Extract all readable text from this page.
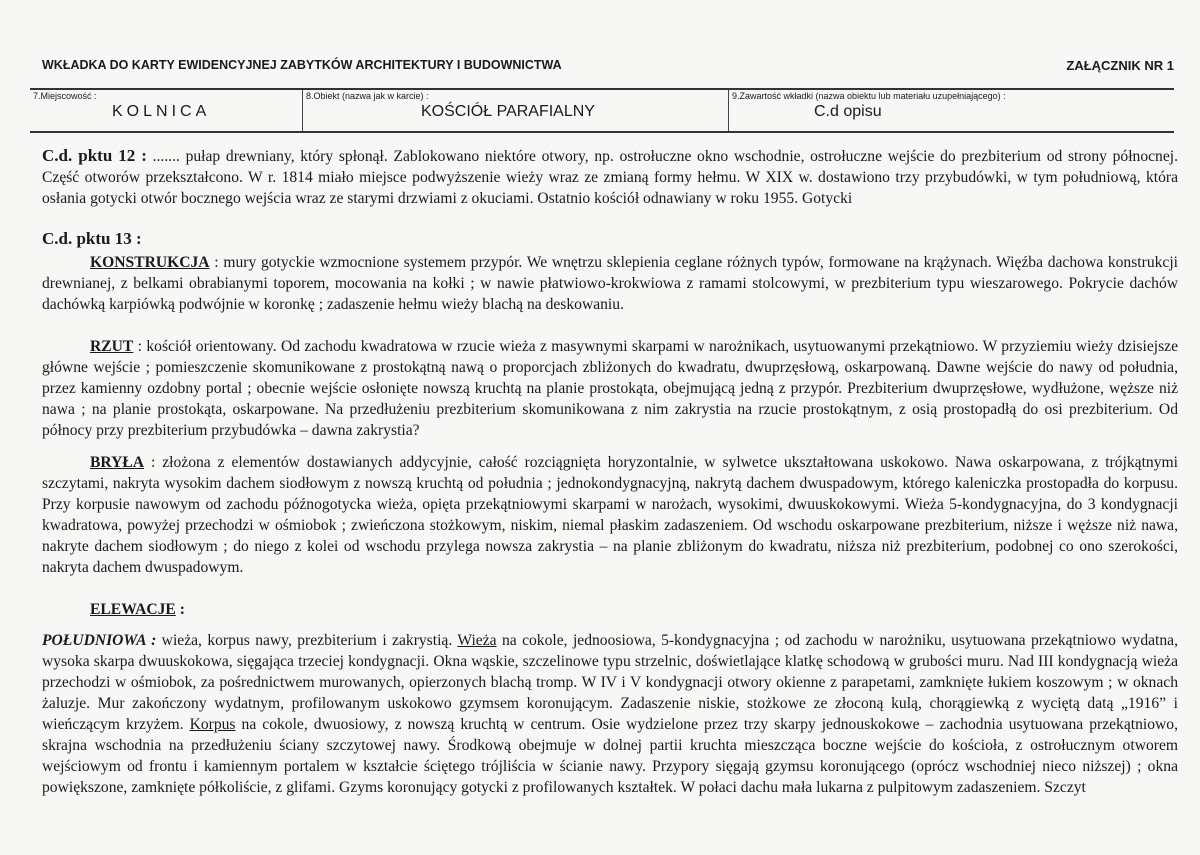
WKŁADKA DO KARTY EWIDENCYJNEJ ZABYTKÓW ARCHITEKTURY I BUDOWNICTWA	ZAŁĄCZNIK NR 1
7.Miejscowość :
KOLNICA
8.Obiekt (nazwa jak w karcie) :
KOŚCIÓŁ PARAFIALNY
9.Zawartość wkładki (nazwa obiektu lub materiału uzupełniającego) :
C.d opisu

C.d. pktu 12 : ....... pułap drewniany, który spłonął. Zablokowano niektóre otwory, np. ostrołuczne okno wschodnie, ostrołuczne wejście do prezbiterium od strony północnej. Część otworów przekształcono. W r. 1814 miało miejsce podwyższenie wieży wraz ze zmianą formy hełmu. W XIX w. dostawiono trzy przybudówki, w tym południową, która osłania gotycki otwór bocznego wejścia wraz ze starymi drzwiami z okuciami. Ostatnio kościół odnawiany w roku 1955. Gotycki

C.d. pktu 13 :

KONSTRUKCJA : mury gotyckie wzmocnione systemem przypór. We wnętrzu sklepienia ceglane różnych typów, formowane na krążynach. Więźba dachowa konstrukcji drewnianej, z belkami obrabianymi toporem, mocowania na kołki ; w nawie płatwiowo-krokwiowa z ramami stolcowymi, w prezbiterium typu wieszarowego. Pokrycie dachów dachówką karpiówką podwójnie w koronkę ; zadaszenie hełmu wieży blachą na deskowaniu.

RZUT : kościół orientowany. Od zachodu kwadratowa w rzucie wieża z masywnymi skarpami w narożnikach, usytuowanymi przekątniowo. W przyziemiu wieży dzisiejsze główne wejście ; pomieszczenie skomunikowane z prostokątną nawą o proporcjach zbliżonych do kwadratu, dwuprzęsłową, oskarpowaną. Dawne wejście do nawy od południa, przez kamienny ozdobny portal ; obecnie wejście osłonięte nowszą kruchtą na planie prostokąta, obejmującą jedną z przypór. Prezbiterium dwuprzęsłowe, wydłużone, węższe niż nawa ; na planie prostokąta, oskarpowane. Na przedłużeniu prezbiterium skomunikowana z nim zakrystia na rzucie prostokątnym, z osią prostopadłą do osi prezbiterium. Od północy przy prezbiterium przybudówka – dawna zakrystia?

BRYŁA : złożona z elementów dostawianych addycyjnie, całość rozciągnięta horyzontalnie, w sylwetce ukształtowana uskokowo. Nawa oskarpowana, z trójkątnymi szczytami, nakryta wysokim dachem siodłowym z nowszą kruchtą od południa ; jednokondygnacyjną, nakrytą dachem dwuspadowym, którego kaleniczka prostopadła do korpusu. Przy korpusie nawowym od zachodu późnogotycka wieża, opięta przekątniowymi skarpami w narożach, wysokimi, dwuuskokowymi. Wieża 5-kondygnacyjna, do 3 kondygnacji kwadratowa, powyżej przechodzi w ośmiobok ; zwieńczona stożkowym, niskim, niemal płaskim zadaszeniem. Od wschodu oskarpowane prezbiterium, niższe i węższe niż nawa, nakryte dachem siodłowym ; do niego z kolei od wschodu przylega nowsza zakrystia – na planie zbliżonym do kwadratu, niższa niż prezbiterium, podobnej co ono szerokości, nakryta dachem dwuspadowym.

ELEWACJE :

POŁUDNIOWA : wieża, korpus nawy, prezbiterium i zakrystią. Wieża na cokole, jednoosiowa, 5-kondygnacyjna ; od zachodu w narożniku, usytuowana przekątniowo wydatna, wysoka skarpa dwuuskokowa, sięgająca trzeciej kondygnacji. Okna wąskie, szczelinowe typu strzelnic, doświetlające klatkę schodową w grubości muru. Nad III kondygnacją wieża przechodzi w ośmiobok, za pośrednictwem murowanych, opierzonych blachą tromp. W IV i V kondygnacji otwory okienne z parapetami, zamknięte łukiem koszowym ; w oknach żaluzje. Mur zakończony wydatnym, profilowanym uskokowo gzymsem koronującym. Zadaszenie niskie, stożkowe ze złoconą kulą, chorągiewką z wyciętą datą „1916” i wieńczącym krzyżem. Korpus na cokole, dwuosiowy, z nowszą kruchtą w centrum. Osie wydzielone przez trzy skarpy jednouskokowe – zachodnia usytuowana przekątniowo, skrajna wschodnia na przedłużeniu ściany szczytowej nawy. Środkową obejmuje w dolnej partii kruchta mieszcząca boczne wejście do kościoła, z ostrołucznym otworem wejściowym od frontu i kamiennym portalem w kształcie ściętego trójliścia w ścianie nawy. Przypory sięgają gzymsu koronującego (oprócz wschodniej nieco niższej) ; okna powiększone, zamknięte półkoliście, z glifami. Gzyms koronujący gotycki z profilowanych kształtek. W połaci dachu mała lukarna z pulpitowym zadaszeniem. Szczyt
